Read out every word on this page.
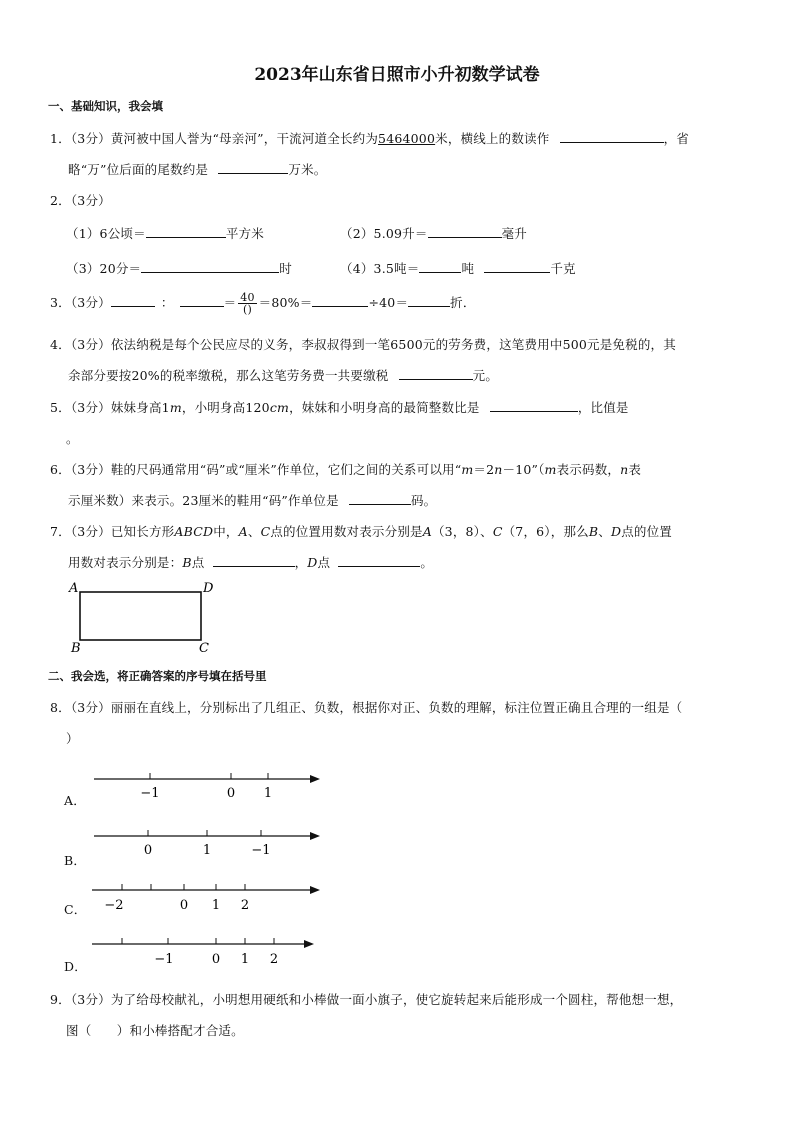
2023年山东省日照市小升初数学试卷
一、基础知识，我会填
1．（3分）黄河被中国人誉为“母亲河”，干流河道全长约为5464000米，横线上的数读作	，省
略“万”位后面的尾数约是	万米。
2．（3分）
（1）6公顷＝	平方米	（2）5.09升＝	毫升
（3）20分＝	时	（4）3.5吨＝	吨	千克
3．（3分）	：	＝ $\frac{40}{()} =80\%=$	÷40＝	折．
4．（3分）依法纳税是每个公民应尽的义务，李叔叔得到一笔6500元的劳务费，这笔费用中500元是免税的，其
余部分要按20%的税率缴税，那么这笔劳务费一共要缴税	元。
5．（3分）妹妹身高1m，小明身高120cm，妹妹和小明身高的最简整数比是	，比值是
。
6．（3分）鞋的尺码通常用“码”或“厘米”作单位，它们之间的关系可以用“m＝2n－10”（m表示码数，n表
示厘米数）来表示。23厘米的鞋用“码”作单位是	码。
7．（3分）已知长方形ABCD中，A、C点的位置用数对表示分别是A（3，8）、C（7，6），那么B、D点的位置
用数对表示分别是：B点	，D点	。
A	D
B	C
二、我会选，将正确答案的序号填在括号里
8．（3分）丽丽在直线上，分别标出了几组正、负数，根据你对正、负数的理解，标注位置正确且合理的一组是（
）
A．	−1	0 1
B．
0	1	−1
C． −2	0 1 2
D．	−1	0 1 2
9．（3分）为了给母校献礼，小明想用硬纸和小棒做一面小旗子，使它旋转起来后能形成一个圆柱，帮他想一想，
图（　　）和小棒搭配才合适。
